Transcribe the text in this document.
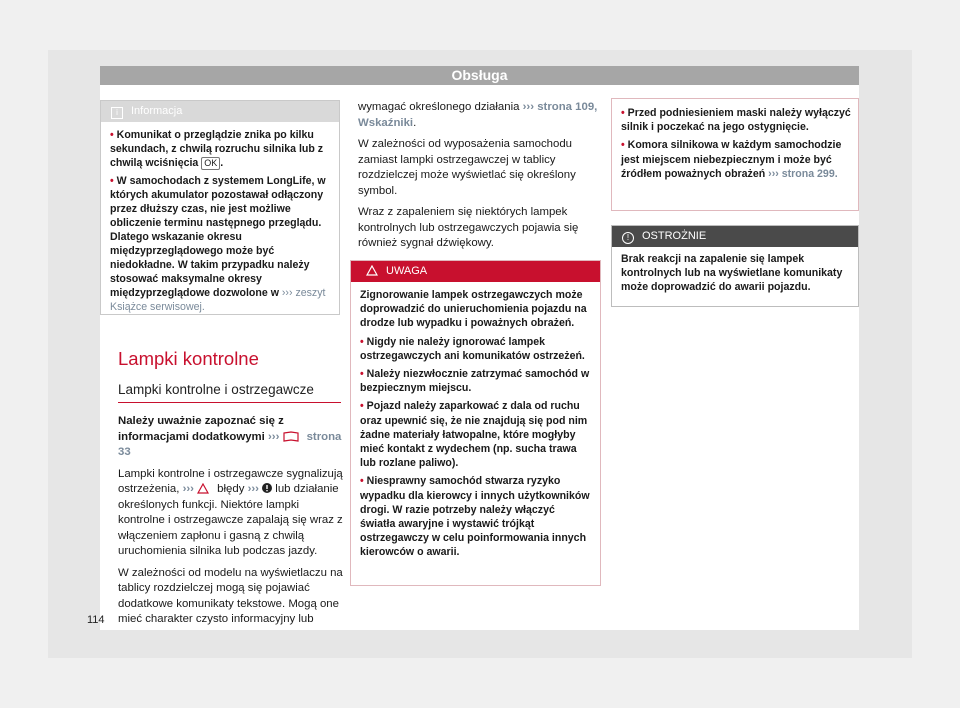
Obsługa
i Informacja
• Komunikat o przeglądzie znika po kilku sekundach, z chwilą rozruchu silnika lub z chwilą wciśnięcia OK .
• W samochodach z systemem LongLife, w których akumulator pozostawał odłączony przez dłuższy czas, nie jest możliwe obliczenie terminu następnego przeglądu. Dlatego wskazanie okresu międzyprzeglądowego może być niedokładne. W takim przypadku należy stosować maksymalne okresy międzyprzeglądowe dozwolone w ››› zeszyt Książce serwisowej.
Lampki kontrolne
Lampki kontrolne i ostrzegawcze

Należy uważnie zapoznać się z informacjami dodatkowymi ››› strona 33

Lampki kontrolne i ostrzegawcze sygnalizują ostrzeżenia, ››› błędy ››› lub działanie określonych funkcji. Niektóre lampki kontrolne i ostrzegawcze zapalają się wraz z włączeniem zapłonu i gasną z chwilą uruchomienia silnika lub podczas jazdy.

W zależności od modelu na wyświetlaczu na tablicy rozdzielczej mogą się pojawiać dodatkowe komunikaty tekstowe. Mogą one mieć charakter czysto informacyjny lub

wymagać określonego działania ››› strona 109, Wskaźniki.

W zależności od wyposażenia samochodu zamiast lampki ostrzegawczej w tablicy rozdzielczej może wyświetlać się określony symbol.

Wraz z zapaleniem się niektórych lampek kontrolnych lub ostrzegawczych pojawia się również sygnał dźwiękowy.

UWAGA

Zignorowanie lampek ostrzegawczych może doprowadzić do unieruchomienia pojazdu na drodze lub wypadku i poważnych obrażeń.

• Nigdy nie należy ignorować lampek ostrzegawczych ani komunikatów ostrzeżeń.

• Należy niezwłocznie zatrzymać samochód w bezpiecznym miejscu.

• Pojazd należy zaparkować z dala od ruchu oraz upewnić się, że nie znajdują się pod nim żadne materiały łatwopalne, które mogłyby mieć kontakt z wydechem (np. sucha trawa lub rozlane paliwo).

• Niesprawny samochód stwarza ryzyko wypadku dla kierowcy i innych użytkowników drogi. W razie potrzeby należy włączyć światła awaryjne i wystawić trójkąt ostrzegawczy w celu poinformowania innych kierowców o awarii.

• Przed podniesieniem maski należy wyłączyć silnik i poczekać na jego ostygnięcie.

• Komora silnikowa w każdym samochodzie jest miejscem niebezpiecznym i może być źródłem poważnych obrażeń ››› strona 299.

! OSTROŻNIE
Brak reakcji na zapalenie się lampek kontrolnych lub na wyświetlane komunikaty może doprowadzić do awarii pojazdu.
114
